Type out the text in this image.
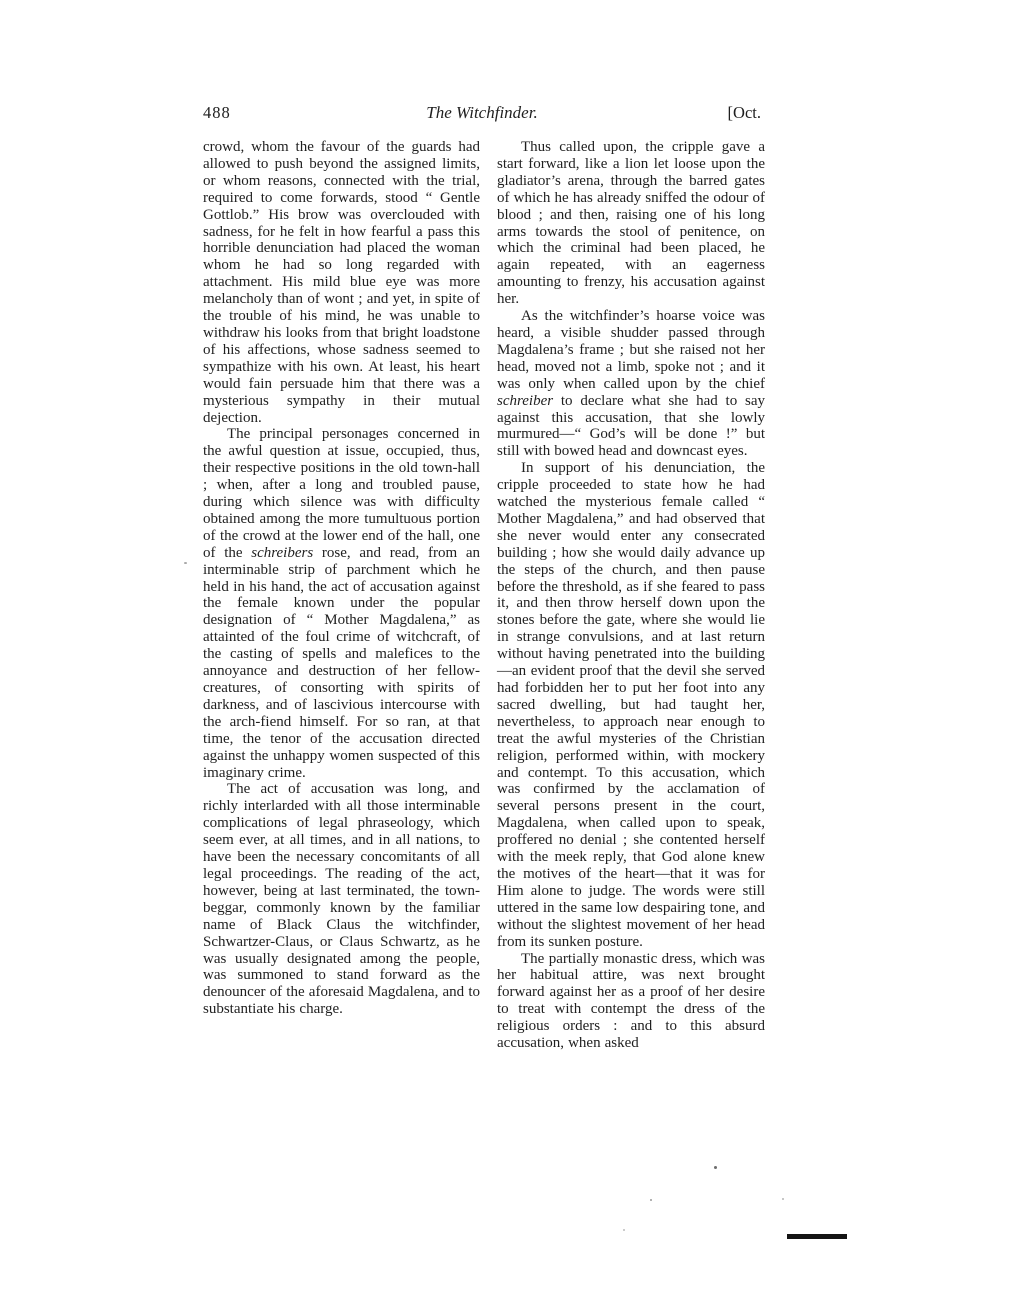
488	The Witchfinder.	[Oct.

crowd, whom the favour of the guards had allowed to push beyond the assigned limits, or whom reasons, connected with the trial, required to come forwards, stood “ Gentle Gottlob.” His brow was overclouded with sadness, for he felt in how fearful a pass this horrible denunciation had placed the woman whom he had so long regarded with attachment. His mild blue eye was more melancholy than of wont ; and yet, in spite of the trouble of his mind, he was unable to withdraw his looks from that bright loadstone of his affections, whose sadness seemed to sympathize with his own. At least, his heart would fain persuade him that there was a mysterious sympathy in their mutual dejection.

The principal personages concerned in the awful question at issue, occupied, thus, their respective positions in the old town-hall ; when, after a long and troubled pause, during which silence was with difficulty obtained among the more tumultuous portion of the crowd at the lower end of the hall, one of the schreibers rose, and read, from an interminable strip of parchment which he held in his hand, the act of accusation against the female known under the popular designation of “ Mother Magdalena,” as attainted of the foul crime of witchcraft, of the casting of spells and malefices to the annoyance and destruction of her fellow-creatures, of consorting with spirits of darkness, and of lascivious intercourse with the arch-fiend himself. For so ran, at that time, the tenor of the accusation directed against the unhappy women suspected of this imaginary crime.

The act of accusation was long, and richly interlarded with all those interminable complications of legal phraseology, which seem ever, at all times, and in all nations, to have been the necessary concomitants of all legal proceedings. The reading of the act, however, being at last terminated, the town-beggar, commonly known by the familiar name of Black Claus the witchfinder, Schwartzer-Claus, or Claus Schwartz, as he was usually designated among the people, was summoned to stand forward as the denouncer of the aforesaid Magdalena, and to substantiate his charge.

Thus called upon, the cripple gave a start forward, like a lion let loose upon the gladiator’s arena, through the barred gates of which he has already sniffed the odour of blood ; and then, raising one of his long arms towards the stool of penitence, on which the criminal had been placed, he again repeated, with an eagerness amounting to frenzy, his accusation against her.

As the witchfinder’s hoarse voice was heard, a visible shudder passed through Magdalena’s frame ; but she raised not her head, moved not a limb, spoke not ; and it was only when called upon by the chief schreiber to declare what she had to say against this accusation, that she lowly murmured—“ God’s will be done !” but still with bowed head and downcast eyes.

In support of his denunciation, the cripple proceeded to state how he had watched the mysterious female called “ Mother Magdalena,” and had observed that she never would enter any consecrated building ; how she would daily advance up the steps of the church, and then pause before the threshold, as if she feared to pass it, and then throw herself down upon the stones before the gate, where she would lie in strange convulsions, and at last return without having penetrated into the building—an evident proof that the devil she served had forbidden her to put her foot into any sacred dwelling, but had taught her, nevertheless, to approach near enough to treat the awful mysteries of the Christian religion, performed within, with mockery and contempt. To this accusation, which was confirmed by the acclamation of several persons present in the court, Magdalena, when called upon to speak, proffered no denial ; she contented herself with the meek reply, that God alone knew the motives of the heart—that it was for Him alone to judge. The words were still uttered in the same low despairing tone, and without the slightest movement of her head from its sunken posture.

The partially monastic dress, which was her habitual attire, was next brought forward against her as a proof of her desire to treat with contempt the dress of the religious orders : and to this absurd accusation, when asked
